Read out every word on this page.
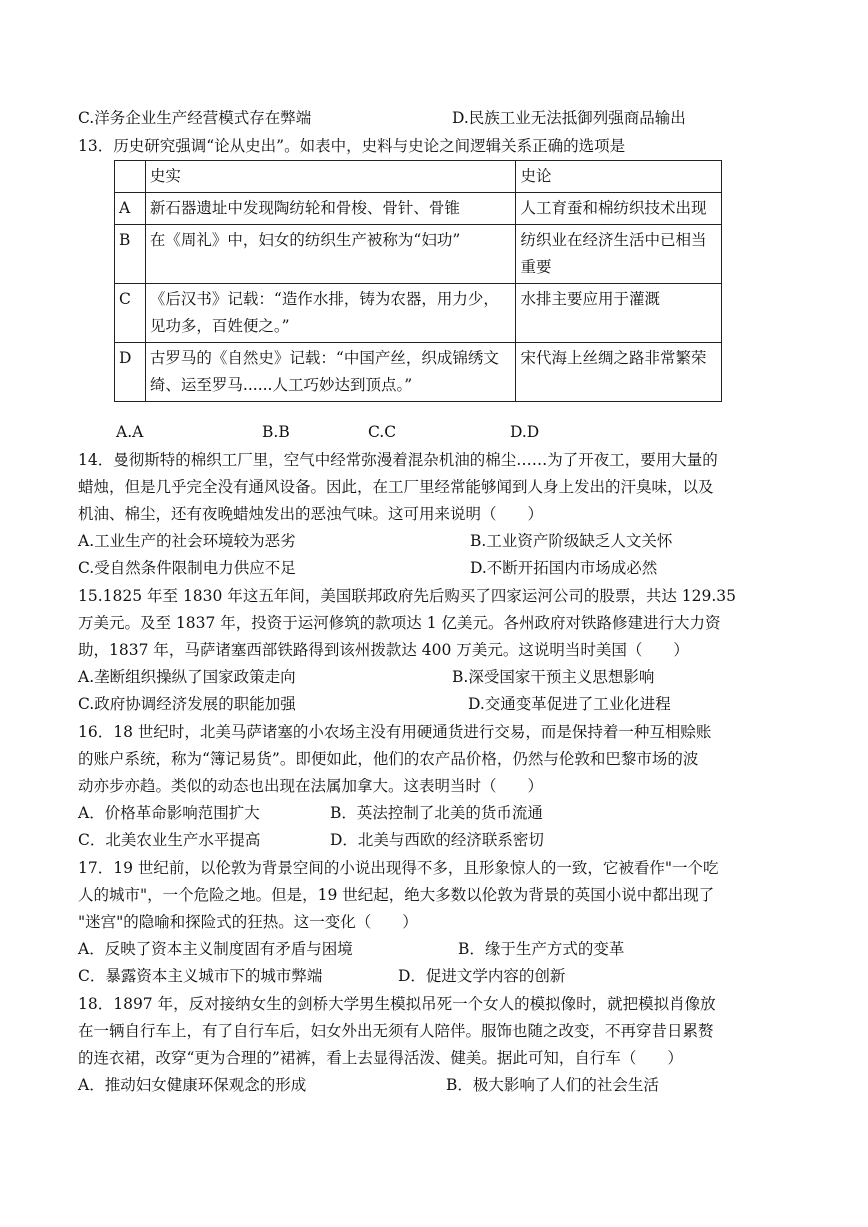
C.洋务企业生产经营模式存在弊端	D.民族工业无法抵御列强商品输出
13．历史研究强调“论从史出”。如表中，史料与史论之间逻辑关系正确的选项是
	史实	史论
A	新石器遗址中发现陶纺轮和骨梭、骨针、骨锥	人工育蚕和棉纺织技术出现
B	在《周礼》中，妇女的纺织生产被称为“妇功”	纺织业在经济生活中已相当重要
C	《后汉书》记载：“造作水排，铸为农器，用力少，见功多，百姓便之。”	水排主要应用于灌溉
D	古罗马的《自然史》记载：“中国产丝，织成锦绣文绮、运至罗马......人工巧妙达到顶点。”	宋代海上丝绸之路非常繁荣
A.A	B.B	C.C	D.D
14．曼彻斯特的棉织工厂里，空气中经常弥漫着混杂机油的棉尘……为了开夜工，要用大量的
蜡烛，但是几乎完全没有通风设备。因此，在工厂里经常能够闻到人身上发出的汗臭味，以及
机油、棉尘，还有夜晚蜡烛发出的恶浊气味。这可用来说明（　　）
A.工业生产的社会环境较为恶劣	B.工业资产阶级缺乏人文关怀
C.受自然条件限制电力供应不足	D.不断开拓国内市场成必然
15.1825 年至 1830 年这五年间，美国联邦政府先后购买了四家运河公司的股票，共达 129.35
万美元。及至 1837 年，投资于运河修筑的款项达 1 亿美元。各州政府对铁路修建进行大力资
助，1837 年，马萨诸塞西部铁路得到该州拨款达 400 万美元。这说明当时美国（　　）
A.垄断组织操纵了国家政策走向	B.深受国家干预主义思想影响
C.政府协调经济发展的职能加强	D.交通变革促进了工业化进程
16．18 世纪时，北美马萨诸塞的小农场主没有用硬通货进行交易，而是保持着一种互相赊账
的账户系统，称为“簿记易货”。即便如此，他们的农产品价格，仍然与伦敦和巴黎市场的波
动亦步亦趋。类似的动态也出现在法属加拿大。这表明当时（　　）
A．价格革命影响范围扩大	B．英法控制了北美的货币流通
C．北美农业生产水平提高	D．北美与西欧的经济联系密切
17．19 世纪前，以伦敦为背景空间的小说出现得不多，且形象惊人的一致，它被看作"一个吃
人的城市"，一个危险之地。但是，19 世纪起，绝大多数以伦敦为背景的英国小说中都出现了
"迷宫"的隐喻和探险式的狂热。这一变化（　　）
A．反映了资本主义制度固有矛盾与困境	B．缘于生产方式的变革
C．暴露资本主义城市下的城市弊端	D．促进文学内容的创新
18．1897 年，反对接纳女生的剑桥大学男生模拟吊死一个女人的模拟像时，就把模拟肖像放
在一辆自行车上，有了自行车后，妇女外出无须有人陪伴。服饰也随之改变，不再穿昔日累赘
的连衣裙，改穿“更为合理的”裙裤，看上去显得活泼、健美。据此可知，自行车（　　）
A．推动妇女健康环保观念的形成	B．极大影响了人们的社会生活
